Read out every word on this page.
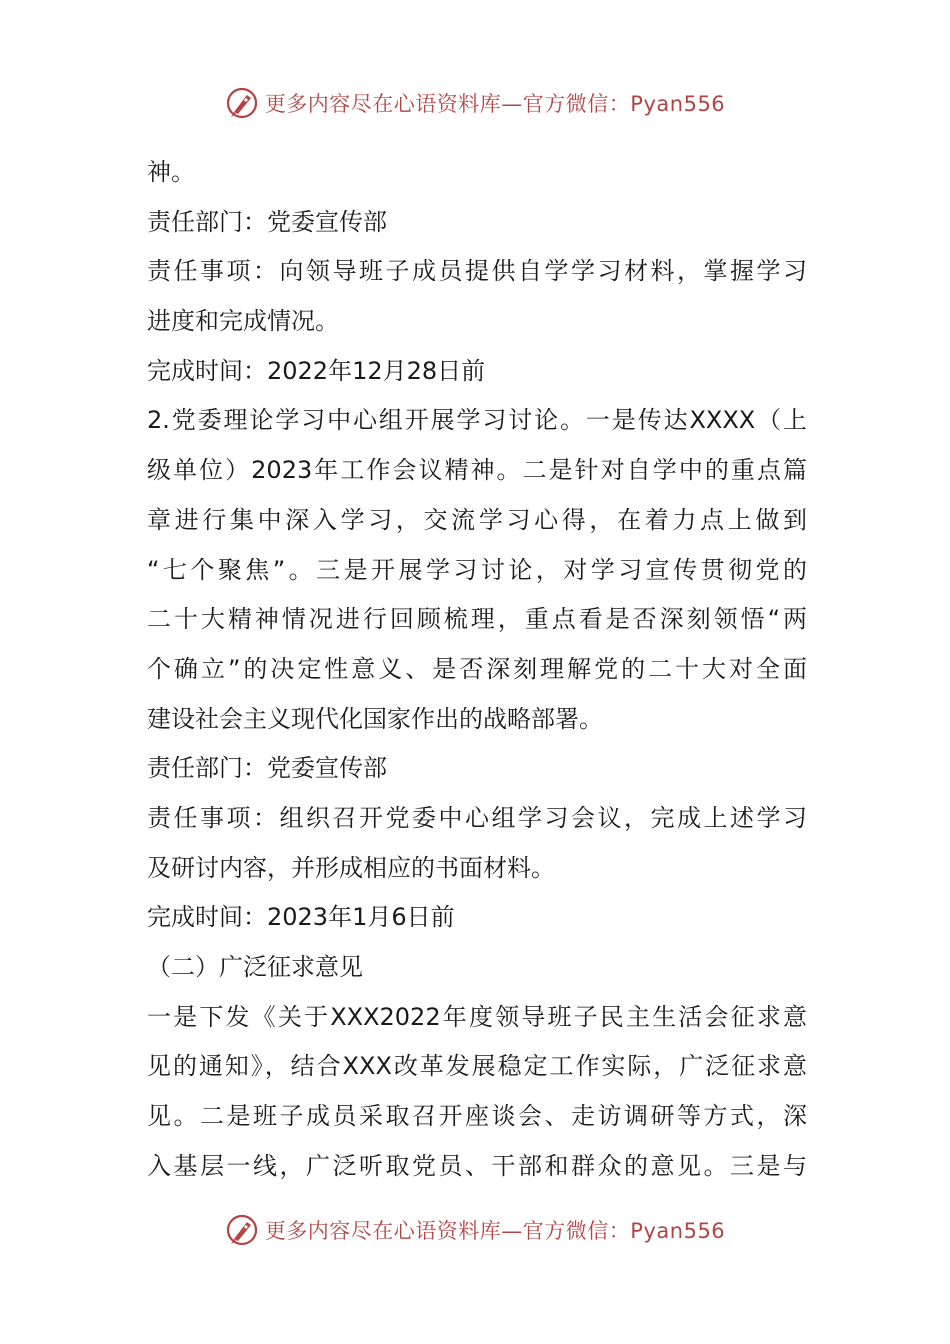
更多内容尽在心语资料库—官方微信：Pyan556
神。
责任部门：党委宣传部
责任事项：向领导班子成员提供自学学习材料，掌握学习
进度和完成情况。
完成时间：2022年12月28日前
2.党委理论学习中心组开展学习讨论。一是传达XXXX（上
级单位）2023年工作会议精神。二是针对自学中的重点篇
章进行集中深入学习，交流学习心得，在着力点上做到
“七个聚焦”。三是开展学习讨论，对学习宣传贯彻党的
二十大精神情况进行回顾梳理，重点看是否深刻领悟“两
个确立”的决定性意义、是否深刻理解党的二十大对全面
建设社会主义现代化国家作出的战略部署。
责任部门：党委宣传部
责任事项：组织召开党委中心组学习会议，完成上述学习
及研讨内容，并形成相应的书面材料。
完成时间：2023年1月6日前
（二）广泛征求意见
一是下发《关于XXX2022年度领导班子民主生活会征求意
见的通知》，结合XXX改革发展稳定工作实际，广泛征求意
见。二是班子成员采取召开座谈会、走访调研等方式，深
入基层一线，广泛听取党员、干部和群众的意见。三是与
更多内容尽在心语资料库—官方微信：Pyan556
